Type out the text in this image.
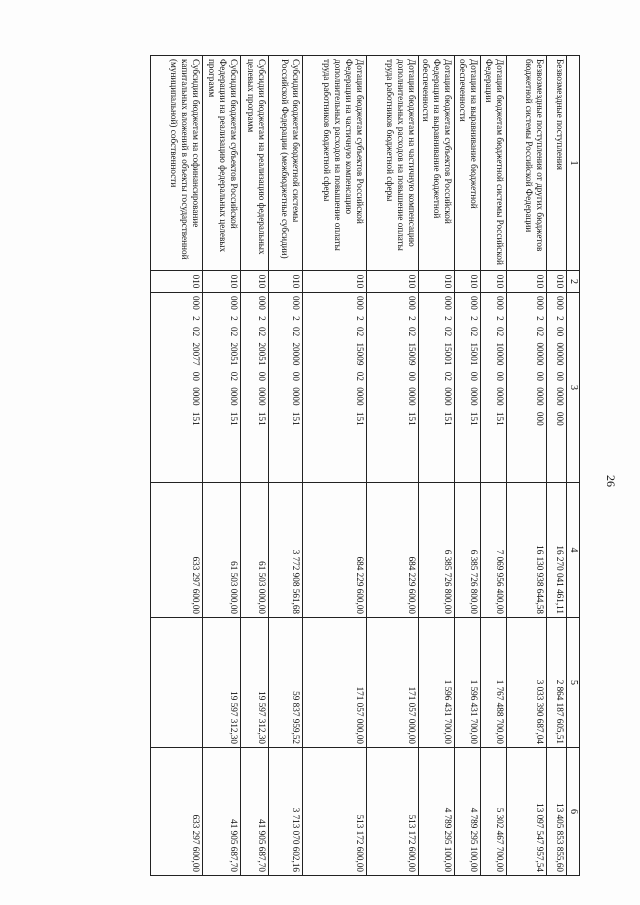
26
1	2	3	4	5	6
Безвозмездные поступления	010	000 2 00 00000 00 0000 000	16 270 041 461,11	2 864 187 605,51	13 405 853 855,60
Безвозмездные поступления от других бюджетов бюджетной системы Российской Федерации	010	000 2 02 00000 00 0000 000	16 130 938 644,58	3 033 390 687,04	13 097 547 957,54
Дотации бюджетам бюджетной системы Российской Федерации	010	000 2 02 10000 00 0000 151	7 069 956 400,00	1 767 488 700,00	5 302 467 700,00
Дотации на выравнивание бюджетной обеспеченности	010	000 2 02 15001 00 0000 151	6 385 726 800,00	1 596 431 700,00	4 789 295 100,00
Дотации бюджетам субъектов Российской Федерации на выравнивание бюджетной обеспеченности	010	000 2 02 15001 02 0000 151	6 385 726 800,00	1 596 431 700,00	4 789 295 100,00
Дотации бюджетам на частичную компенсацию дополнительных расходов на повышение оплаты труда работников бюджетной сферы	010	000 2 02 15009 00 0000 151	684 229 600,00	171 057 000,00	513 172 600,00
Дотации бюджетам субъектов Российской Федерации на частичную компенсацию дополнительных расходов на повышение оплаты труда работников бюджетной сферы	010	000 2 02 15009 02 0000 151	684 229 600,00	171 057 000,00	513 172 600,00
Субсидии бюджетам бюджетной системы Российской Федерации (межбюджетные субсидии)	010	000 2 02 20000 00 0000 151	3 772 908 561,68	59 837 959,52	3 713 070 602,16
Субсидии бюджетам на реализацию федеральных целевых программ	010	000 2 02 20051 00 0000 151	61 503 000,00	19 597 312,30	41 905 687,70
Субсидии бюджетам субъектов Российской Федерации на реализацию федеральных целевых программ	010	000 2 02 20051 02 0000 151	61 503 000,00	19 597 312,30	41 905 687,70
Субсидии бюджетам на софинансирование капитальных вложений в объекты государственной (муниципальной) собственности	010	000 2 02 20077 00 0000 151	633 297 600,00		633 297 600,00
